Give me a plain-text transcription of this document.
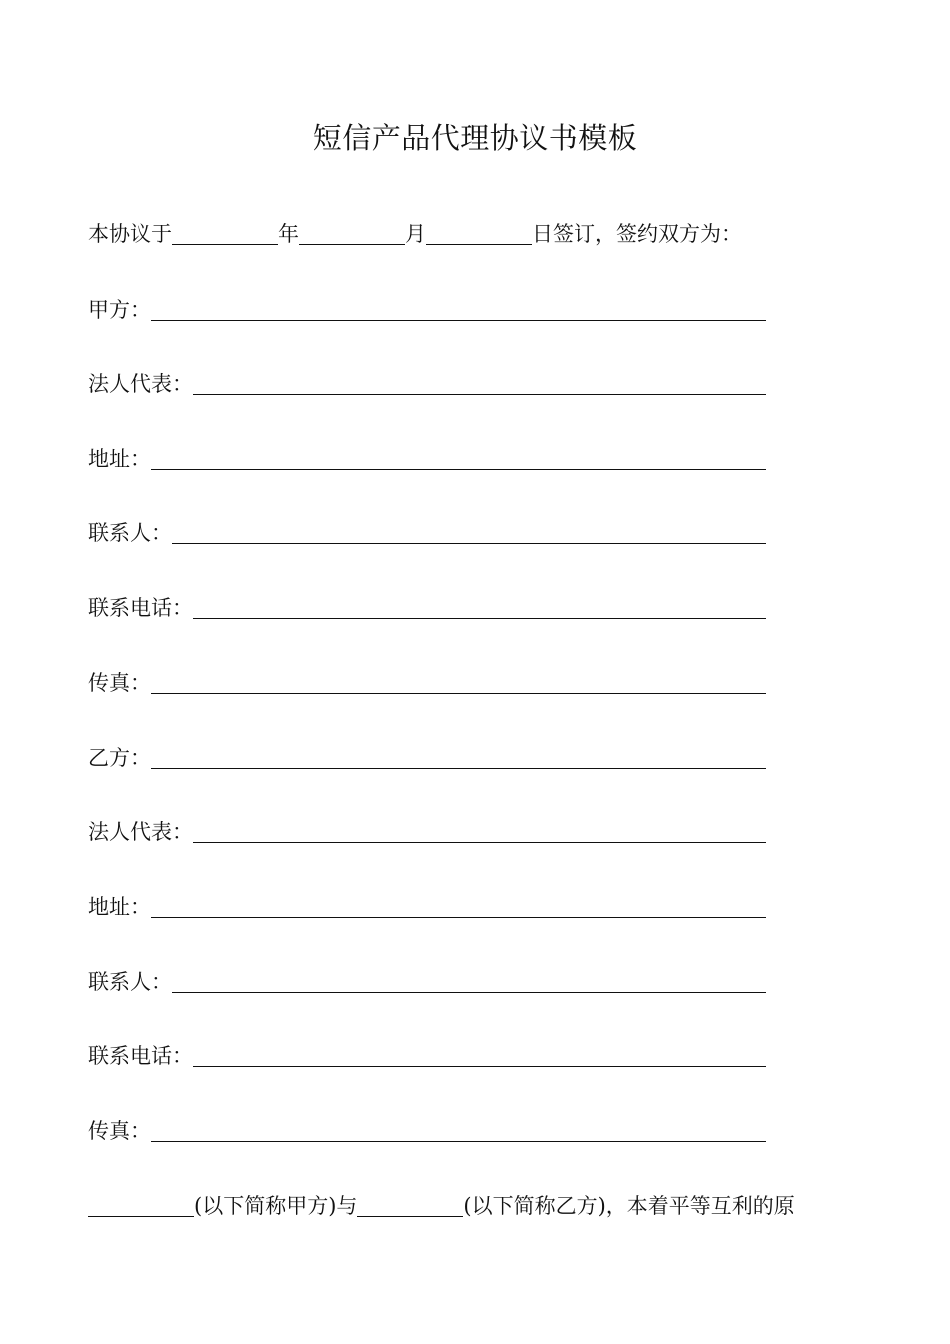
短信产品代理协议书模板
本协议于	年	月	日签订，签约双方为：
甲方：
法人代表：
地址：
联系人：
联系电话：
传真：
乙方：
法人代表：
地址：
联系人：
联系电话：
传真：
(以下简称甲方)与	(以下简称乙方)，本着平等互利的原
